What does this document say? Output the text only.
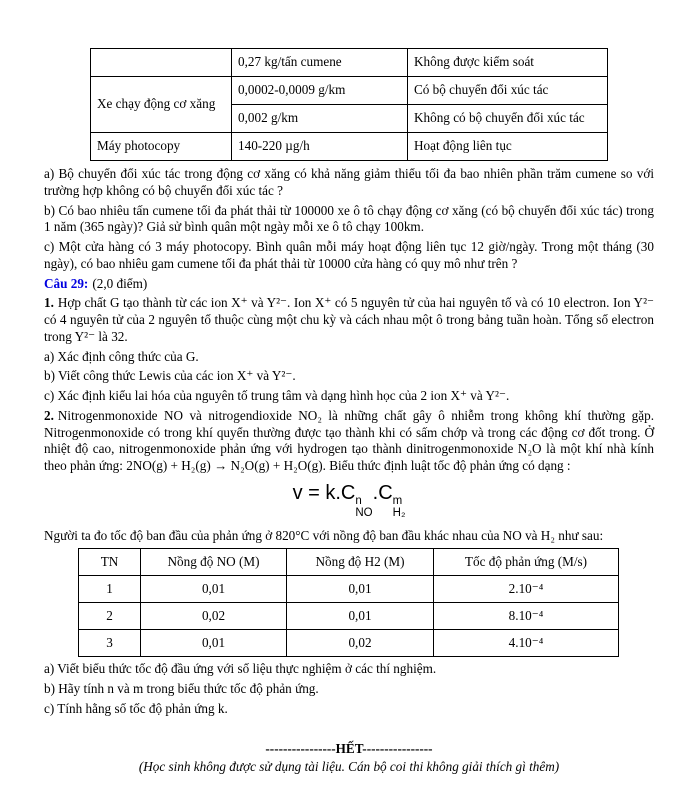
	0,27 kg/tấn cumene	Không được kiểm soát
Xe chạy động cơ xăng	0,0002-0,0009 g/km	Có bộ chuyển đổi xúc tác
	0,002 g/km	Không có bộ chuyển đổi xúc tác
Máy photocopy	140-220 µg/h	Hoạt động liên tục

a) Bộ chuyển đổi xúc tác trong động cơ xăng có khả năng giảm thiểu tối đa bao nhiên phần trăm cumene so với trường hợp không có bộ chuyển đổi xúc tác ?

b) Có bao nhiêu tấn cumene tối đa phát thải từ 100000 xe ô tô chạy động cơ xăng (có bộ chuyển đổi xúc tác) trong 1 năm (365 ngày)? Giả sử bình quân một ngày mỗi xe ô tô chạy 100km.

c) Một cửa hàng có 3 máy photocopy. Bình quân mỗi máy hoạt động liên tục 12 giờ/ngày. Trong một tháng (30 ngày), có bao nhiêu gam cumene tối đa phát thải từ 10000 cửa hàng có quy mô như trên ?

Câu 29: (2,0 điểm)

1. Hợp chất G tạo thành từ các ion X⁺ và Y²⁻. Ion X⁺ có 5 nguyên tử của hai nguyên tố và có 10 electron. Ion Y²⁻ có 4 nguyên tử của 2 nguyên tố thuộc cùng một chu kỳ và cách nhau một ô trong bảng tuần hoàn. Tổng số electron trong Y²⁻ là 32.

a) Xác định công thức của G.

b) Viết công thức Lewis của các ion X⁺ và Y²⁻.

c) Xác định kiểu lai hóa của nguyên tố trung tâm và dạng hình học của 2 ion X⁺ và Y²⁻.

2. Nitrogenmonoxide NO và nitrogendioxide NO₂ là những chất gây ô nhiễm trong không khí thường gặp. Nitrogenmonoxide có trong khí quyển thường được tạo thành khi có sấm chớp và trong các động cơ đốt trong. Ở nhiệt độ cao, nitrogenmonoxide phản ứng với hydrogen tạo thành dinitrogenmonoxide N₂O là một khí nhà kính theo phản ứng: 2NO(g) + H₂(g) → N₂O(g) + H₂O(g). Biểu thức định luật tốc độ phản ứng có dạng :

v = k.C n
NO
.C m
H₂

Người ta đo tốc độ ban đầu của phản ứng ở 820°C với nồng độ ban đầu khác nhau của NO và H₂ như sau:

TN	Nồng độ NO (M)	Nồng độ H2 (M)	Tốc độ phản ứng (M/s)
1	0,01	0,01	2.10⁻⁴
2	0,02	0,01	8.10⁻⁴
3	0,01	0,02	4.10⁻⁴

a) Viết biểu thức tốc độ đầu ứng với số liệu thực nghiệm ở các thí nghiệm.

b) Hãy tính n và m trong biểu thức tốc độ phản ứng.

c) Tính hằng số tốc độ phản ứng k.

----------------HẾT----------------

(Học sinh không được sử dụng tài liệu. Cán bộ coi thi không giải thích gì thêm)
